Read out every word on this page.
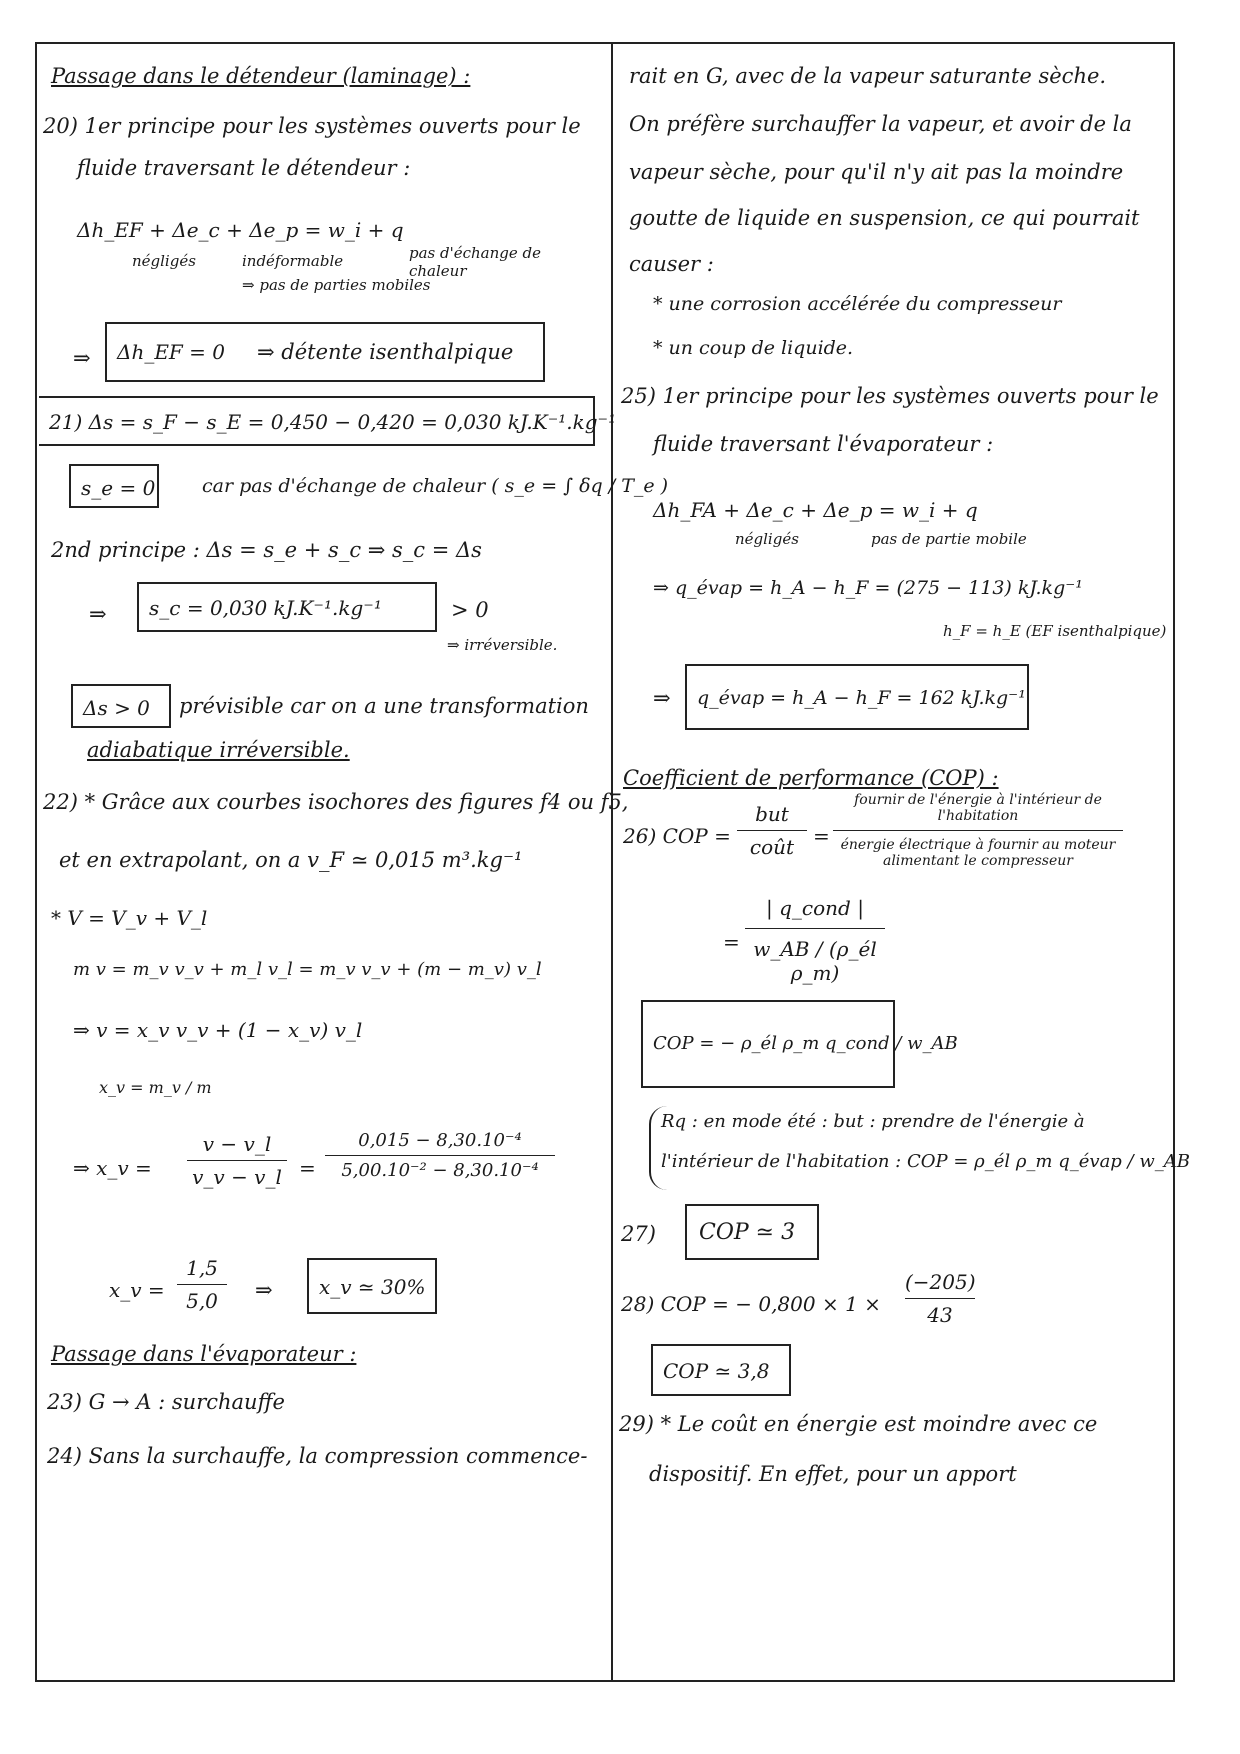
Passage dans le détendeur (laminage) :
20) 1er principe pour les systèmes ouverts pour le
fluide traversant le détendeur :
Δh_EF + Δe_c + Δe_p = w_i + q
négligés	indéformable
⇒ pas de parties mobiles
pas d'échange de chaleur
⇒ Δh_EF = 0 ⇒ détente isenthalpique
21) Δs = s_F − s_E = 0,450 − 0,420 = 0,030 kJ.K⁻¹.kg⁻¹
s_e = 0 car pas d'échange de chaleur ( s_e = ∫ δq / T_e )
2nd principe : Δs = s_e + s_c ⇒ s_c = Δs
⇒ s_c = 0,030 kJ.K⁻¹.kg⁻¹	> 0
⇒ irréversible.
Δs > 0 prévisible car on a une transformation
adiabatique irréversible.
22) * Grâce aux courbes isochores des figures f4 ou f5,
et en extrapolant, on a v_F ≃ 0,015 m³.kg⁻¹
* V = V_v + V_l
m v = m_v v_v + m_l v_l = m_v v_v + (m − m_v) v_l
⇒ v = x_v v_v + (1 − x_v) v_l
x_v = m_v / m
⇒ x_v =
v − v_l
v_v − v_l =
0,015 − 8,30.10⁻⁴
5,00.10⁻² − 8,30.10⁻⁴
x_v =
1,5
5,0	⇒ x_v ≃ 30%
Passage dans l'évaporateur :
23) G → A : surchauffe
24) Sans la surchauffe, la compression commence-
rait en G, avec de la vapeur saturante sèche.
On préfère surchauffer la vapeur, et avoir de la
vapeur sèche, pour qu'il n'y ait pas la moindre
goutte de liquide en suspension, ce qui pourrait
causer :
* une corrosion accélérée du compresseur
* un coup de liquide.
25) 1er principe pour les systèmes ouverts pour le
fluide traversant l'évaporateur :
Δh_FA + Δe_c + Δe_p = w_i + q
négligés	pas de partie mobile
⇒ q_évap = h_A − h_F = (275 − 113) kJ.kg⁻¹
h_F = h_E (EF isenthalpique)
⇒ q_évap = h_A − h_F = 162 kJ.kg⁻¹
Coefficient de performance (COP) :
26) COP =
but
coût =
fournir de l'énergie à l'intérieur de l'habitation
énergie électrique à fournir au moteur alimentant le compresseur
=
| q_cond |
w_AB / (ρ_él ρ_m)
COP = − ρ_él ρ_m q_cond / w_AB
Rq : en mode été : but : prendre de l'énergie à
l'intérieur de l'habitation : COP = ρ_él ρ_m q_évap / w_AB
27) COP ≃ 3
28) COP = − 0,800 × 1 ×
(−205)
43
COP ≃ 3,8
29) * Le coût en énergie est moindre avec ce
dispositif. En effet, pour un apport
